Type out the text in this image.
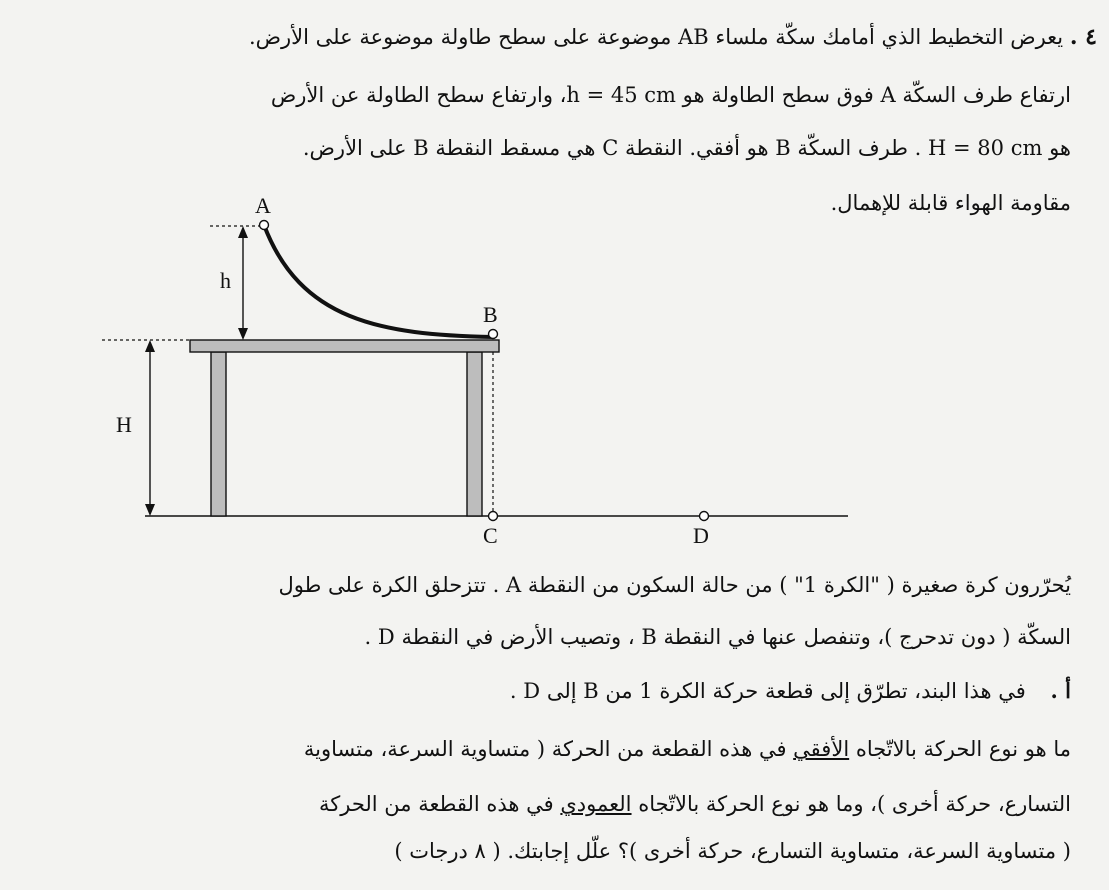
٤ . يعرض التخطيط الذي أمامك سكّة ملساء AB موضوعة على سطح طاولة موضوعة على الأرض.
ارتفاع طرف السكّة A فوق سطح الطاولة هو h = 45 cm، وارتفاع سطح الطاولة عن الأرض
هو H = 80 cm . طرف السكّة B هو أفقي. النقطة C هي مسقط النقطة B على الأرض.
مقاومة الهواء قابلة للإهمال.
A
B
C	D
h
H
يُحرّرون كرة صغيرة ( "الكرة 1" ) من حالة السكون من النقطة A . تتزحلق الكرة على طول
السكّة ( دون تدحرج )، وتنفصل عنها في النقطة B ، وتصيب الأرض في النقطة D .
أ . في هذا البند، تطرّق إلى قطعة حركة الكرة 1 من B إلى D .
ما هو نوع الحركة بالاتّجاه الأفقي في هذه القطعة من الحركة ( متساوية السرعة، متساوية
التسارع، حركة أخرى )، وما هو نوع الحركة بالاتّجاه العمودي في هذه القطعة من الحركة
( متساوية السرعة، متساوية التسارع، حركة أخرى )؟ علّل إجابتك. ( ٨ درجات )
